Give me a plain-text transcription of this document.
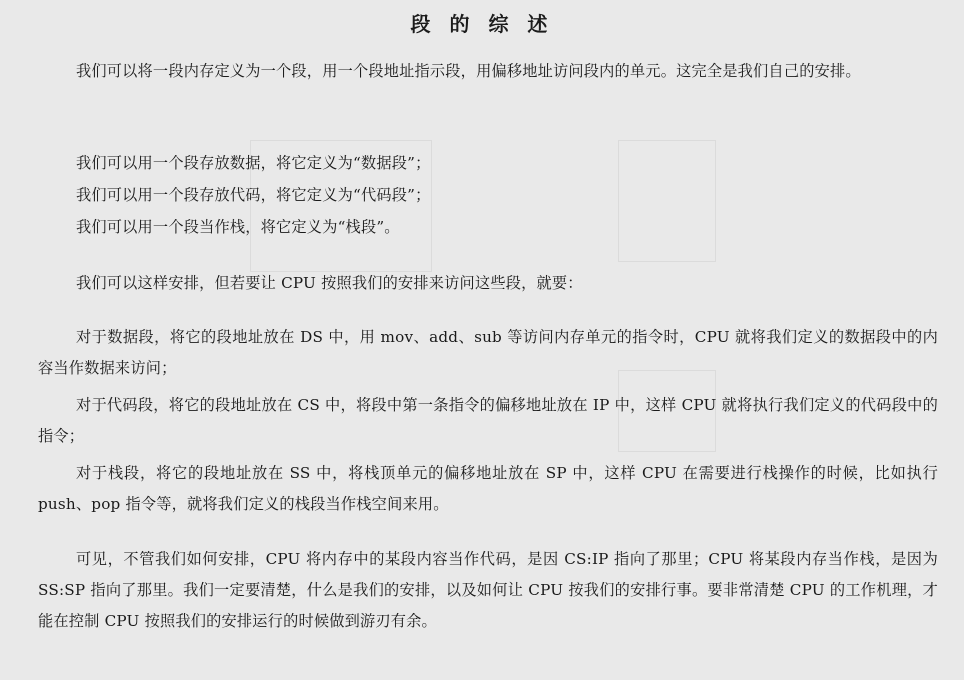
段 的 综 述

我们可以将一段内存定义为一个段，用一个段地址指示段，用偏移地址访问段内的单元。这完全是我们自己的安排。

我们可以用一个段存放数据，将它定义为“数据段”；
我们可以用一个段存放代码，将它定义为“代码段”；
我们可以用一个段当作栈，将它定义为“栈段”。

我们可以这样安排，但若要让 CPU 按照我们的安排来访问这些段，就要：

对于数据段，将它的段地址放在 DS 中，用 mov、add、sub 等访问内存单元的指令时，CPU 就将我们定义的数据段中的内容当作数据来访问；

对于代码段，将它的段地址放在 CS 中，将段中第一条指令的偏移地址放在 IP 中，这样 CPU 就将执行我们定义的代码段中的指令；

对于栈段，将它的段地址放在 SS 中，将栈顶单元的偏移地址放在 SP 中，这样 CPU 在需要进行栈操作的时候，比如执行 push、pop 指令等，就将我们定义的栈段当作栈空间来用。

可见，不管我们如何安排，CPU 将内存中的某段内容当作代码，是因 CS:IP 指向了那里；CPU 将某段内存当作栈，是因为 SS:SP 指向了那里。我们一定要清楚，什么是我们的安排，以及如何让 CPU 按我们的安排行事。要非常清楚 CPU 的工作机理，才能在控制 CPU 按照我们的安排运行的时候做到游刃有余。
